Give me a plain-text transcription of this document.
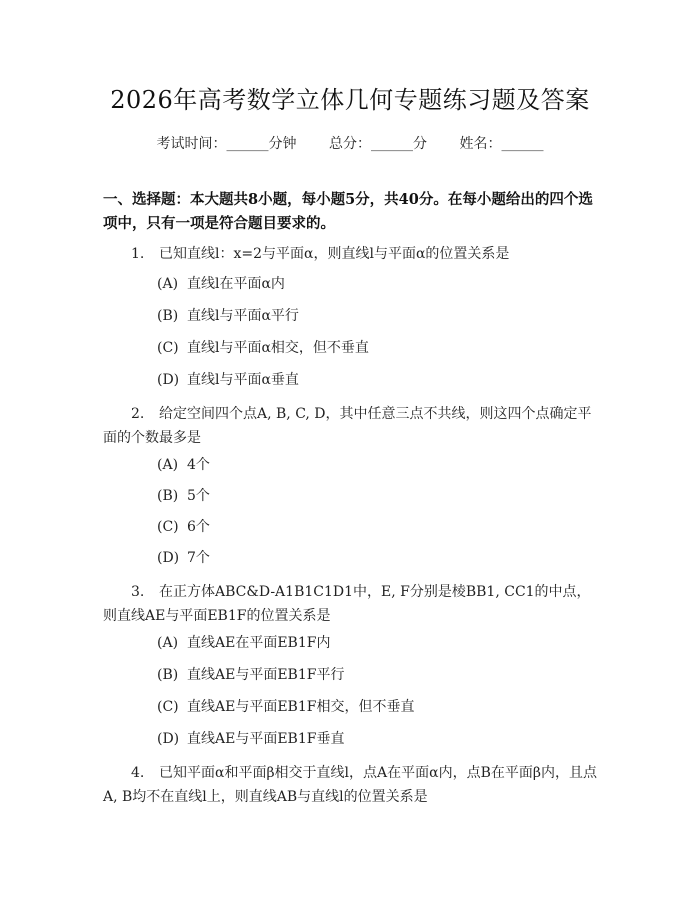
2026年高考数学立体几何专题练习题及答案
考试时间：______分钟 总分：______分 姓名：______
一、选择题：本大题共8小题，每小题5分，共40分。在每小题给出的四个选项中，只有一项是符合题目要求的。
1. 已知直线l：x=2与平面α，则直线l与平面α的位置关系是
(A) 直线l在平面α内
(B) 直线l与平面α平行
(C) 直线l与平面α相交，但不垂直
(D) 直线l与平面α垂直
2. 给定空间四个点A, B, C, D，其中任意三点不共线，则这四个点确定平面的个数最多是
(A) 4个
(B) 5个
(C) 6个
(D) 7个
3. 在正方体ABC&D-A1B1C1D1中，E, F分别是棱BB1, CC1的中点，则直线AE与平面EB1F的位置关系是
(A) 直线AE在平面EB1F内
(B) 直线AE与平面EB1F平行
(C) 直线AE与平面EB1F相交，但不垂直
(D) 直线AE与平面EB1F垂直
4. 已知平面α和平面β相交于直线l，点A在平面α内，点B在平面β内，且点A, B均不在直线l上，则直线AB与直线l的位置关系是
